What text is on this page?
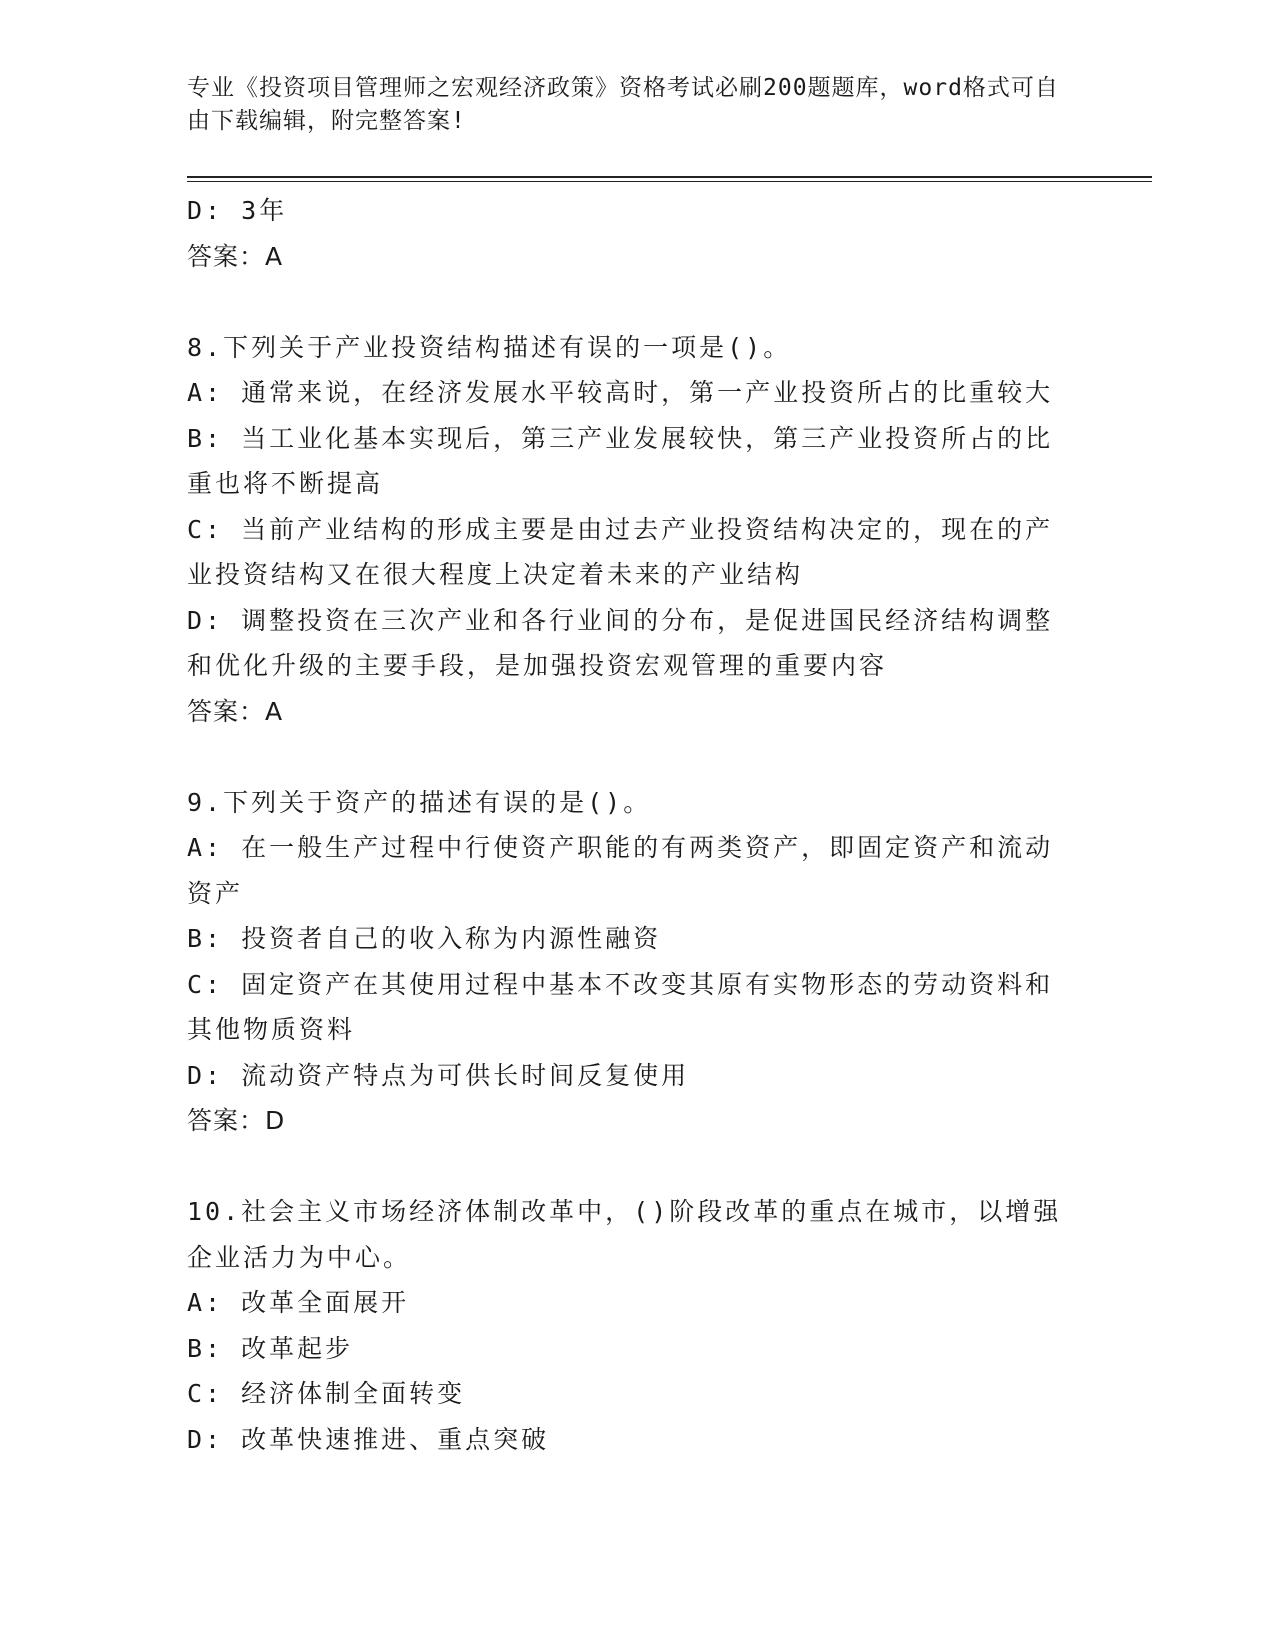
专业《投资项目管理师之宏观经济政策》资格考试必刷200题题库，word格式可自由下载编辑，附完整答案!

D: 3年

答案：A

8.下列关于产业投资结构描述有误的一项是()。

A: 通常来说，在经济发展水平较高时，第一产业投资所占的比重较大

B: 当工业化基本实现后，第三产业发展较快，第三产业投资所占的比重也将不断提高

C: 当前产业结构的形成主要是由过去产业投资结构决定的，现在的产业投资结构又在很大程度上决定着未来的产业结构

D: 调整投资在三次产业和各行业间的分布，是促进国民经济结构调整和优化升级的主要手段，是加强投资宏观管理的重要内容

答案：A

9.下列关于资产的描述有误的是()。

A: 在一般生产过程中行使资产职能的有两类资产，即固定资产和流动资产

B: 投资者自己的收入称为内源性融资

C: 固定资产在其使用过程中基本不改变其原有实物形态的劳动资料和其他物质资料

D: 流动资产特点为可供长时间反复使用

答案：D

10.社会主义市场经济体制改革中，()阶段改革的重点在城市，以增强企业活力为中心。

A: 改革全面展开

B: 改革起步

C: 经济体制全面转变

D: 改革快速推进、重点突破
